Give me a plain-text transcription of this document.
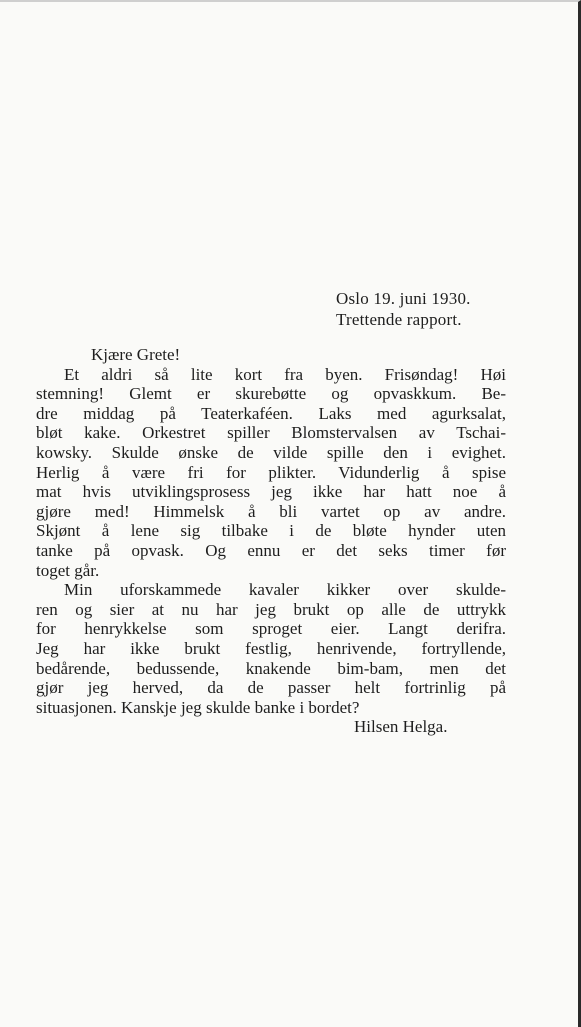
Oslo 19. juni 1930.
Trettende rapport.
Kjære Grete!
Et aldri så lite kort fra byen. Frisøndag! Høi
stemning! Glemt er skurebøtte og opvaskkum. Be-
dre middag på Teaterkaféen. Laks med agurksalat,
bløt kake. Orkestret spiller Blomstervalsen av Tschai-
kowsky. Skulde ønske de vilde spille den i evighet.
Herlig å være fri for plikter. Vidunderlig å spise
mat hvis utviklingsprosess jeg ikke har hatt noe å
gjøre med! Himmelsk å bli vartet op av andre.
Skjønt å lene sig tilbake i de bløte hynder uten
tanke på opvask. Og ennu er det seks timer før
toget går.
Min uforskammede kavaler kikker over skulde-
ren og sier at nu har jeg brukt op alle de uttrykk
for henrykkelse som sproget eier. Langt derifra.
Jeg har ikke brukt festlig, henrivende, fortryllende,
bedårende, bedussende, knakende bim-bam, men det
gjør jeg herved, da de passer helt fortrinlig på
situasjonen. Kanskje jeg skulde banke i bordet?
Hilsen Helga.
